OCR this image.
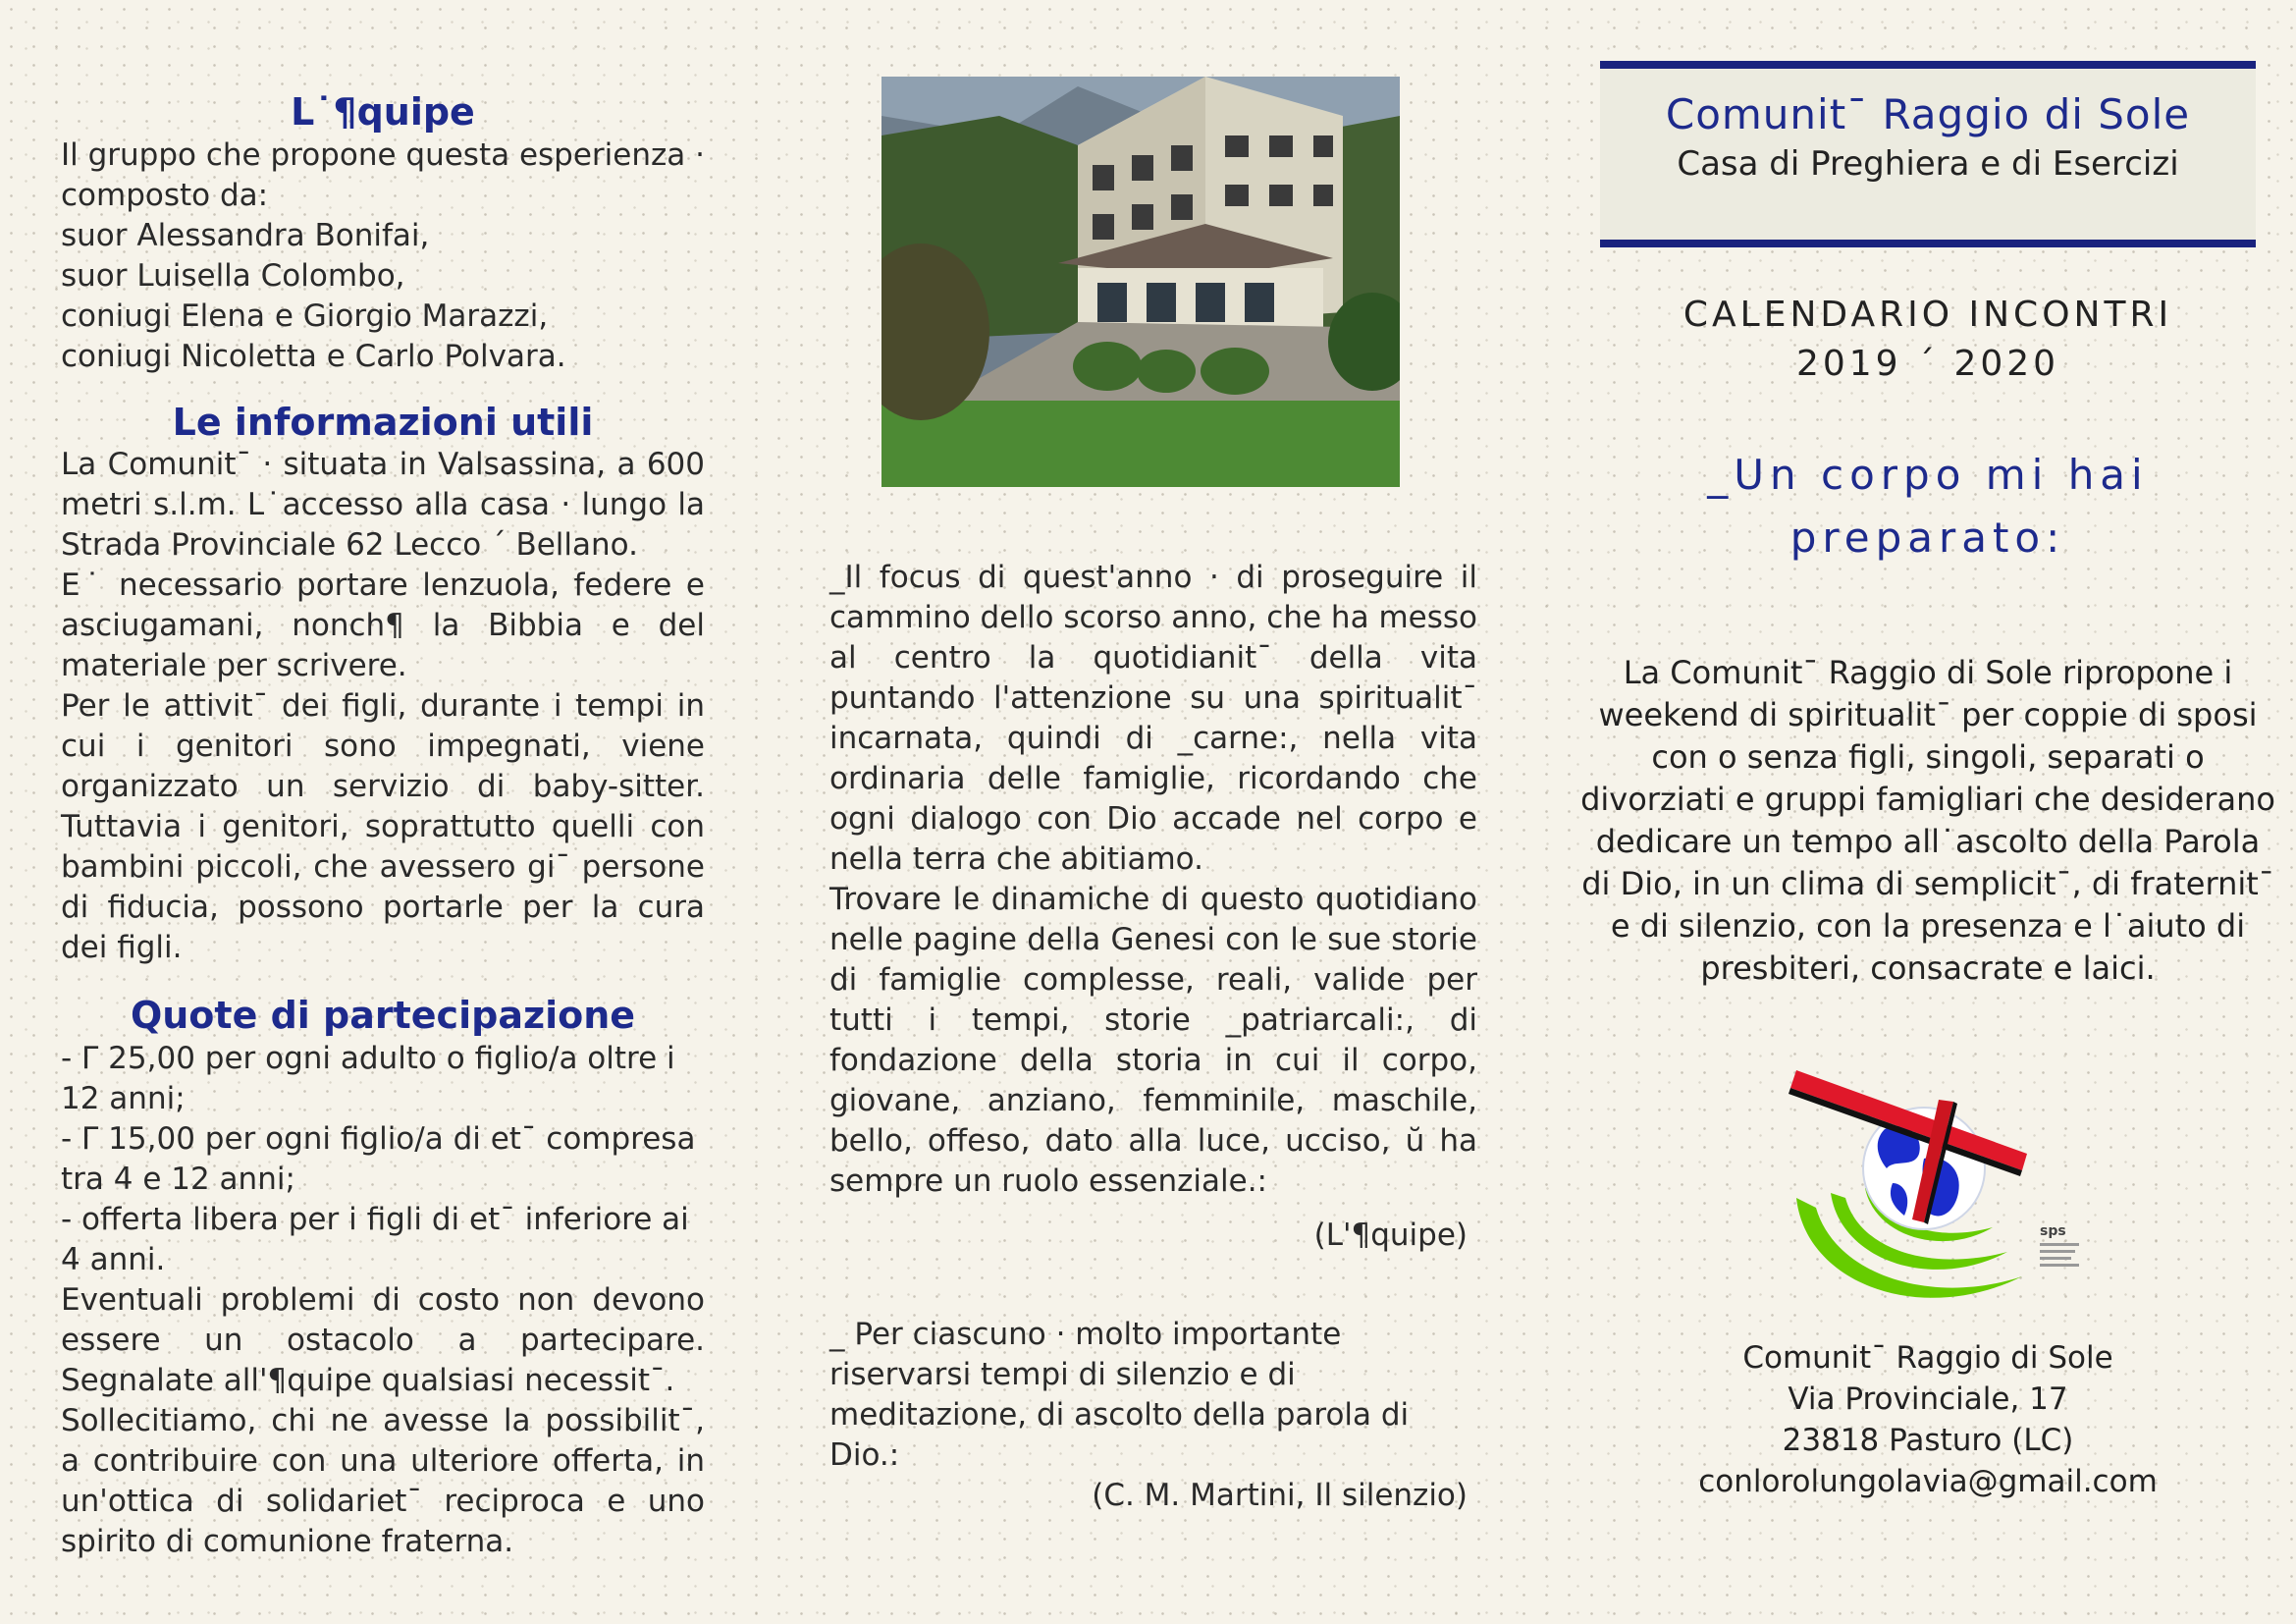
L˙¶quipe

Il gruppo che propone questa esperienza · composto da:

suor Alessandra Bonifai,

suor Luisella Colombo,

coniugi Elena e Giorgio Marazzi,

coniugi Nicoletta e Carlo Polvara.

Le informazioni utili

La Comunit¯ · situata in Valsassina, a 600 metri s.l.m. L˙accesso alla casa · lungo la Strada Provinciale 62 Lecco ´ Bellano.

E˙ necessario portare lenzuola, federe e asciugamani, nonch¶ la Bibbia e del materiale per scrivere.

Per le attivit¯ dei figli, durante i tempi in cui i genitori sono impegnati, viene organizzato un servizio di baby-sitter. Tuttavia i genitori, soprattutto quelli con bambini piccoli, che avessero gi¯ persone di fiducia, possono portarle per la cura dei figli.

Quote di partecipazione

- Γ 25,00 per ogni adulto o figlio/a oltre i 12 anni;

- Γ 15,00 per ogni figlio/a di et¯ compresa tra 4 e 12 anni;

- offerta libera per i figli di et¯ inferiore ai 4 anni.

Eventuali problemi di costo non devono essere un ostacolo a partecipare. Segnalate all'¶quipe qualsiasi necessit¯.

Sollecitiamo, chi ne avesse la possibilit¯, a contribuire con una ulteriore offerta, in un'ottica di solidariet¯ reciproca e uno spirito di comunione fraterna.

_Il focus di quest'anno · di proseguire il cammino dello scorso anno, che ha messo al centro la quotidianit¯ della vita puntando l'attenzione su una spiritualit¯ incarnata, quindi di _carne:, nella vita ordinaria delle famiglie, ricordando che ogni dialogo con Dio accade nel corpo e nella terra che abitiamo.

Trovare le dinamiche di questo quotidiano nelle pagine della Genesi con le sue storie di famiglie complesse, reali, valide per tutti i tempi, storie _patriarcali:, di fondazione della storia in cui il corpo, giovane, anziano, femminile, maschile, bello, offeso, dato alla luce, ucciso, ŭ ha sempre un ruolo essenziale.:

(L'¶quipe)

_ Per ciascuno · molto importante riservarsi tempi di silenzio e di meditazione, di ascolto della parola di Dio.:

(C. M. Martini, Il silenzio)

Comunit¯ Raggio di Sole
Casa di Preghiera e di Esercizi
CALENDARIO INCONTRI
2019 ´ 2020
_Un corpo mi hai
preparato:
La Comunit¯ Raggio di Sole ripropone i weekend di spiritualit¯ per coppie di sposi con o senza figli, singoli, separati o divorziati e gruppi famigliari che desiderano dedicare un tempo all˙ascolto della Parola di Dio, in un clima di semplicit¯, di fraternit¯ e di silenzio, con la presenza e l˙aiuto di presbiteri, consacrate e laici.
sps
Comunit¯ Raggio di Sole
Via Provinciale, 17
23818 Pasturo (LC)
conlorolungolavia@gmail.com
